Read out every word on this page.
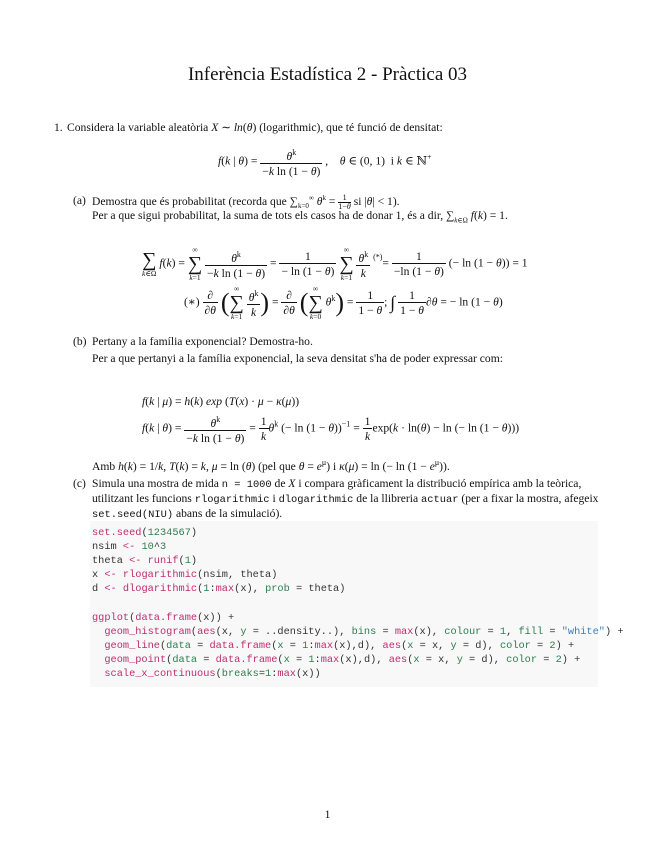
Inferència Estadística 2 - Pràctica 03
1. Considera la variable aleatòria X ∼ ln(θ) (logarithmic), que té funció de densitat:
f(k | $\theta) = \frac{\theta^k}{\text{−k ln (1 − θ)}}$ ,    θ ∈ (0, 1)  i k ∈ ℕ+
(a) Demostra que és probabilitat (recorda que $\sum_{k=0}^\infty$ $\theta^k = \frac{1}{1-\theta}$ si |θ| < 1).
Per a que sigui probabilitat, la suma de tots els casos ha de donar 1, és a dir, $\sum_{k\in\Omega}$ f(k) = 1.
∑
k∈Ω
f(k) =
∞
∑
k=1
$\frac{\theta^k}{\text{−k ln (1 − θ)}} = \frac{1}{- \ln (1 - \theta)}$

∞
∑
k=1
$\frac{\theta^k}{k} ^{(*)}= \frac{1}{-\ln (1 - \theta)}$ (− ln (1 − θ)) = 1
(∗) $\frac{\partial}{\partial\theta}$ ( ∞
∑
k=1
$\frac{\theta^k}{k}$ ) = $\frac{\partial}{\partial\theta}$ ( ∞
∑
k=0
$\theta^k) = \frac{1}{1 - \theta}$ ; ∫ $\frac{1}{1 - \theta} \partial\theta$ = − ln (1 − θ)
(b) Pertany a la família exponencial? Demostra-ho.
Per a que pertanyi a la família exponencial, la seva densitat s'ha de poder expressar com:
f(k | μ) = h(k) exp (T(x) · μ − κ(μ))
f(k | $\theta) = \frac{\theta^k}{\text{−k ln (1 − θ)}} = \frac{1}{k} \theta^k$ (− $\ln (1 - \theta))^{-1} = \frac{1}{k} \exp(k \cdot \ln(\theta) - \ln$ (− ln (1 − θ)))
Amb h(k) = 1/k, T(k) = k, μ = ln (θ) (pel que $\theta = e^\mu$) i κ(μ) = ln (− $\ln (1 - e^\mu)$).
(c) Simula una mostra de mida n = 1000 de X i compara gràficament la distribució empírica amb la teòrica,
utilitzant les funcions rlogarithmic i dlogarithmic de la llibreria actuar (per a fixar la mostra, afegeix
set.seed(NIU) abans de la simulació).
set.seed(1234567)
nsim <- 10^3
theta <- runif(1)
x <- rlogarithmic(nsim, theta)
d <- dlogarithmic(1:max(x), prob = theta)

ggplot(data.frame(x)) +
geom_histogram(aes(x, y = ..density..), bins = max(x), colour = 1, fill = "white") +
geom_line(data = data.frame(x = 1:max(x),d), aes(x = x, y = d), color = 2) +
geom_point(data = data.frame(x = 1:max(x),d), aes(x = x, y = d), color = 2) +
scale_x_continuous(breaks=1:max(x))
1
